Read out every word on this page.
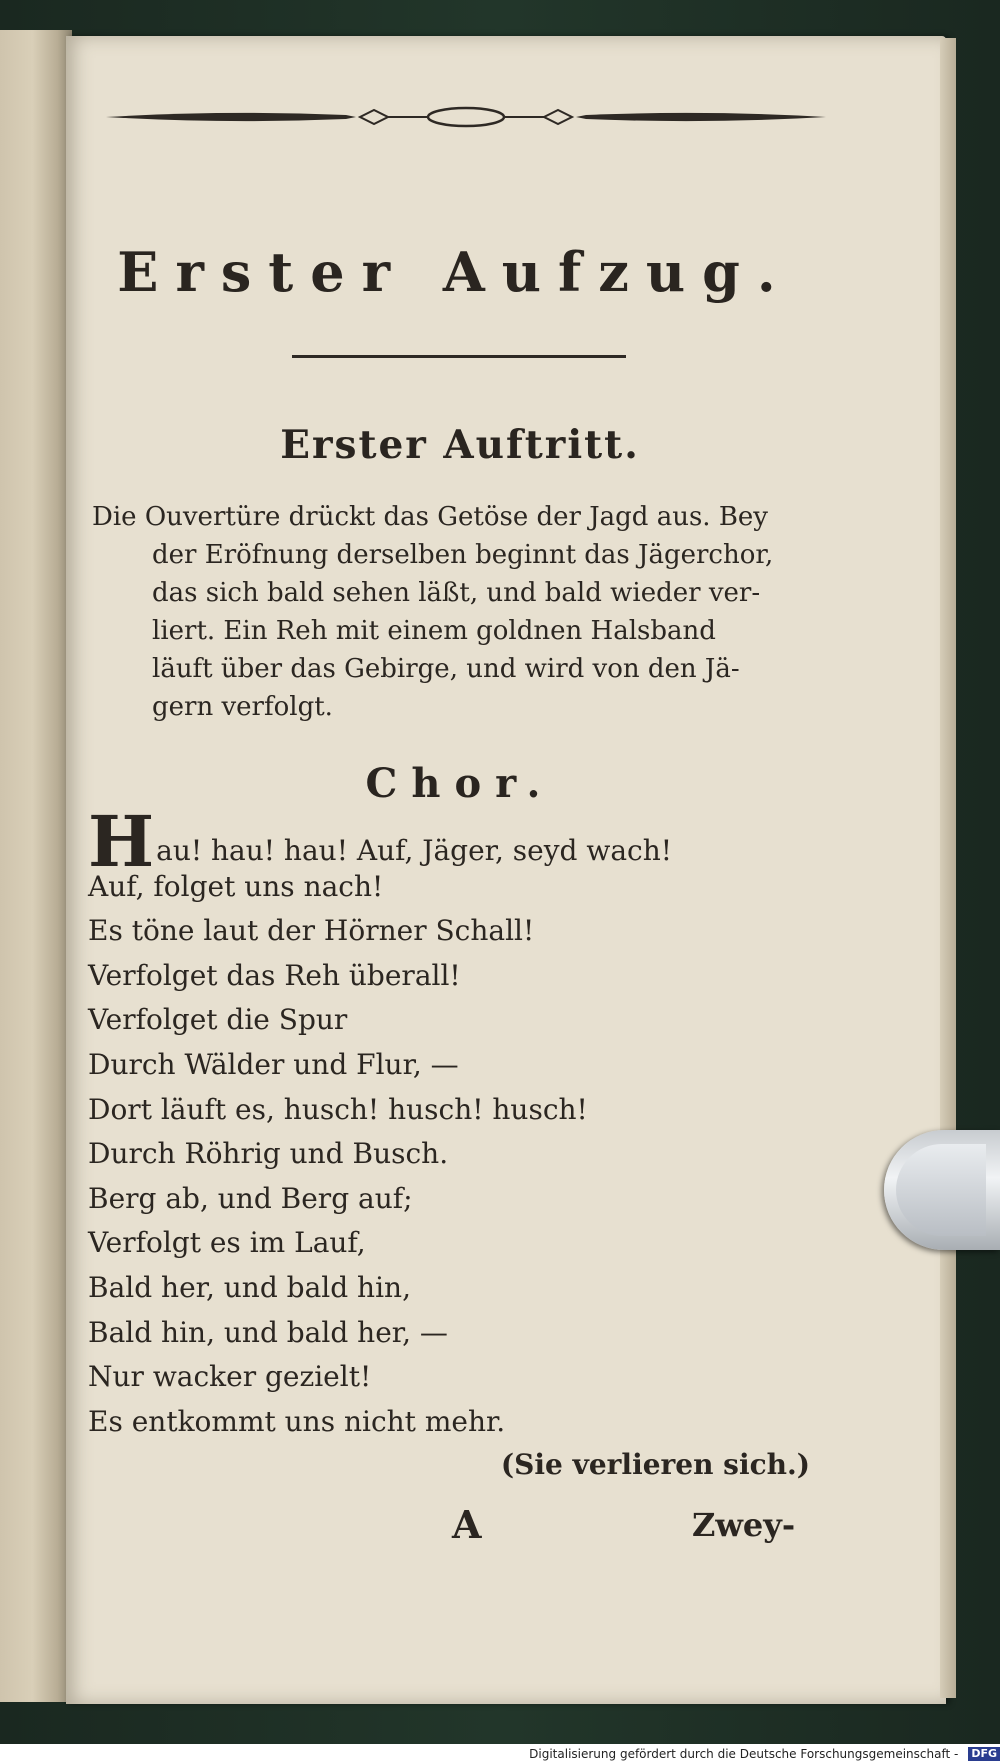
Erster Aufzug.
Erster Auftritt.
Die Ouvertüre drückt das Getöse der Jagd aus. Bey
der Eröfnung derselben beginnt das Jägerchor,
das sich bald sehen läßt, und bald wieder ver-
liert. Ein Reh mit einem goldnen Halsband
läuft über das Gebirge, und wird von den Jä-
gern verfolgt.
Chor.
Hau! hau! hau! Auf, Jäger, seyd wach!
Auf, folget uns nach!
Es töne laut der Hörner Schall!
Verfolget das Reh überall!
Verfolget die Spur
Durch Wälder und Flur, —
Dort läuft es, husch! husch! husch!
Durch Röhrig und Busch.
Berg ab, und Berg auf;
Verfolgt es im Lauf,
Bald her, und bald hin,
Bald hin, und bald her, —
Nur wacker gezielt!
Es entkommt uns nicht mehr.
(Sie verlieren sich.)
A	Zwey-
Digitalisierung gefördert durch die Deutsche Forschungsgemeinschaft - DFG
